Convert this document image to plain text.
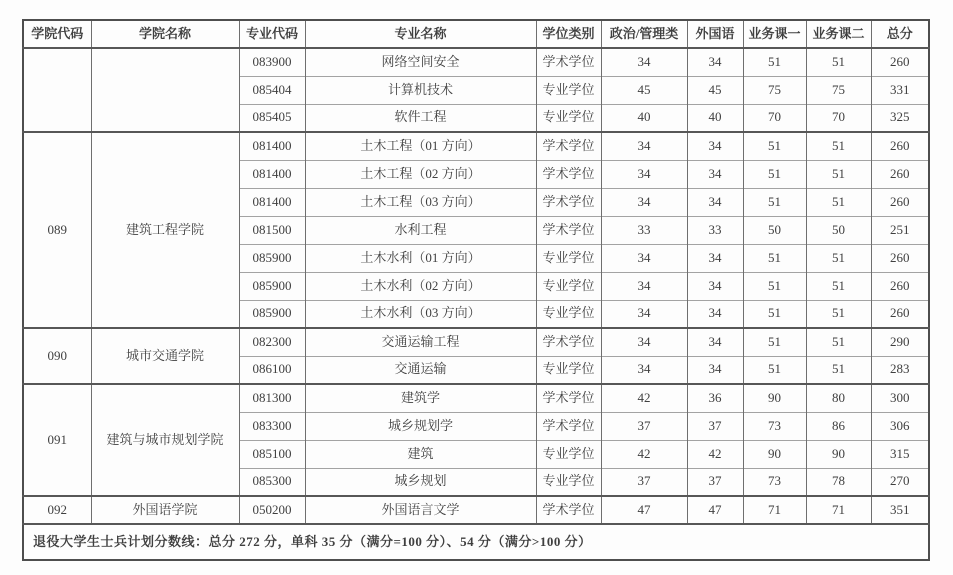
学院代码	学院名称	专业代码	专业名称	学位类别	政治/管理类	外国语	业务课一	业务课二	总分
		083900	网络空间安全	学术学位	34	34	51	51	260
		085404	计算机技术	专业学位	45	45	75	75	331
		085405	软件工程	专业学位	40	40	70	70	325
089	建筑工程学院	081400	土木工程（01 方向）	学术学位	34	34	51	51	260
		081400	土木工程（02 方向）	学术学位	34	34	51	51	260
		081400	土木工程（03 方向）	学术学位	34	34	51	51	260
		081500	水利工程	学术学位	33	33	50	50	251
		085900	土木水利（01 方向）	专业学位	34	34	51	51	260
		085900	土木水利（02 方向）	专业学位	34	34	51	51	260
		085900	土木水利（03 方向）	专业学位	34	34	51	51	260
090	城市交通学院	082300	交通运输工程	学术学位	34	34	51	51	290
		086100	交通运输	专业学位	34	34	51	51	283
091	建筑与城市规划学院	081300	建筑学	学术学位	42	36	90	80	300
		083300	城乡规划学	学术学位	37	37	73	86	306
		085100	建筑	专业学位	42	42	90	90	315
		085300	城乡规划	专业学位	37	37	73	78	270
092	外国语学院	050200	外国语言文学	学术学位	47	47	71	71	351
退役大学生士兵计划分数线：总分 272 分，单科 35 分（满分=100 分）、54 分（满分>100 分）									
